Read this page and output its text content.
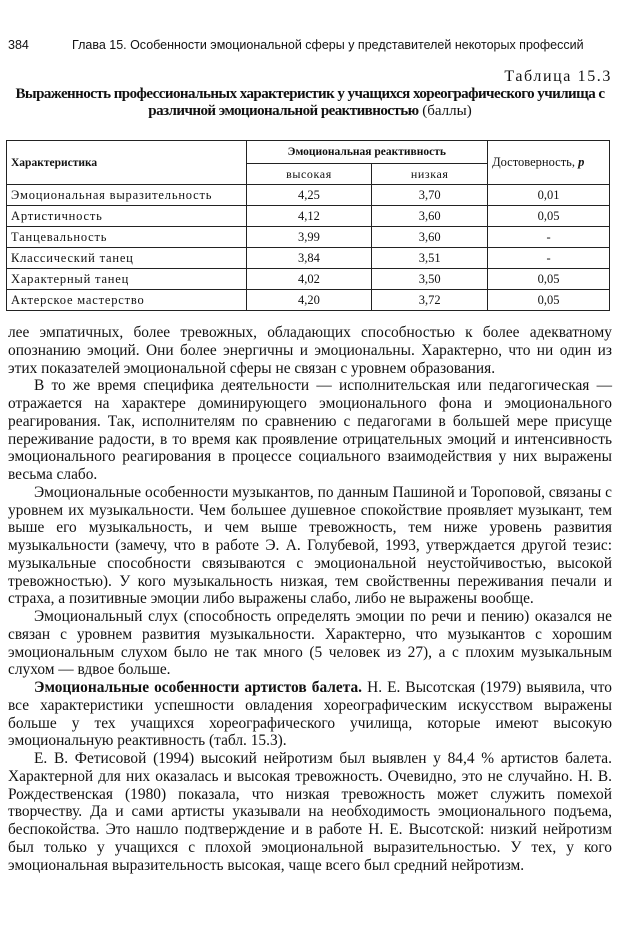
384	Глава 15. Особенности эмоциональной сферы у представителей некоторых профессий
Таблица 15.3
Выраженность профессиональных характеристик у учащихся хореографического училища с различной эмоциональной реактивностью (баллы)
Характеристика	Эмоциональная реактивность		Достоверность, p
	высокая	низкая	
Эмоциональная выразительность	4,25	3,70	0,01
Артистичность	4,12	3,60	0,05
Танцевальность	3,99	3,60	-
Классический танец	3,84	3,51	-
Характерный танец	4,02	3,50	0,05
Актерское мастерство	4,20	3,72	0,05

лее эмпатичных, более тревожных, обладающих способностью к более адекватному опознанию эмоций. Они более энергичны и эмоциональны. Характерно, что ни один из этих показателей эмоциональной сферы не связан с уровнем образования.

В то же время специфика деятельности — исполнительская или педагогическая — отражается на характере доминирующего эмоционального фона и эмоционального реагирования. Так, исполнителям по сравнению с педагогами в большей мере присуще переживание радости, в то время как проявление отрицательных эмоций и интенсивность эмоционального реагирования в процессе социального взаимодействия у них выражены весьма слабо.

Эмоциональные особенности музыкантов, по данным Пашиной и Тороповой, связаны с уровнем их музыкальности. Чем большее душевное спокойствие проявляет музыкант, тем выше его музыкальность, и чем выше тревожность, тем ниже уровень развития музыкальности (замечу, что в работе Э. А. Голубевой, 1993, утверждается другой тезис: музыкальные способности связываются с эмоциональной неустойчивостью, высокой тревожностью). У кого музыкальность низкая, тем свойственны переживания печали и страха, а позитивные эмоции либо выражены слабо, либо не выражены вообще.

Эмоциональный слух (способность определять эмоции по речи и пению) оказался не связан с уровнем развития музыкальности. Характерно, что музыкантов с хорошим эмоциональным слухом было не так много (5 человек из 27), а с плохим музыкальным слухом — вдвое больше.

Эмоциональные особенности артистов балета. Н. Е. Высотская (1979) выявила, что все характеристики успешности овладения хореографическим искусством выражены больше у тех учащихся хореографического училища, которые имеют высокую эмоциональную реактивность (табл. 15.3).

Е. В. Фетисовой (1994) высокий нейротизм был выявлен у 84,4 % артистов балета. Характерной для них оказалась и высокая тревожность. Очевидно, это не случайно. Н. В. Рождественская (1980) показала, что низкая тревожность может служить помехой творчеству. Да и сами артисты указывали на необходимость эмоционального подъема, беспокойства. Это нашло подтверждение и в работе Н. Е. Высотской: низкий нейротизм был только у учащихся с плохой эмоциональной выразительностью. У тех, у кого эмоциональная выразительность высокая, чаще всего был средний нейротизм.
